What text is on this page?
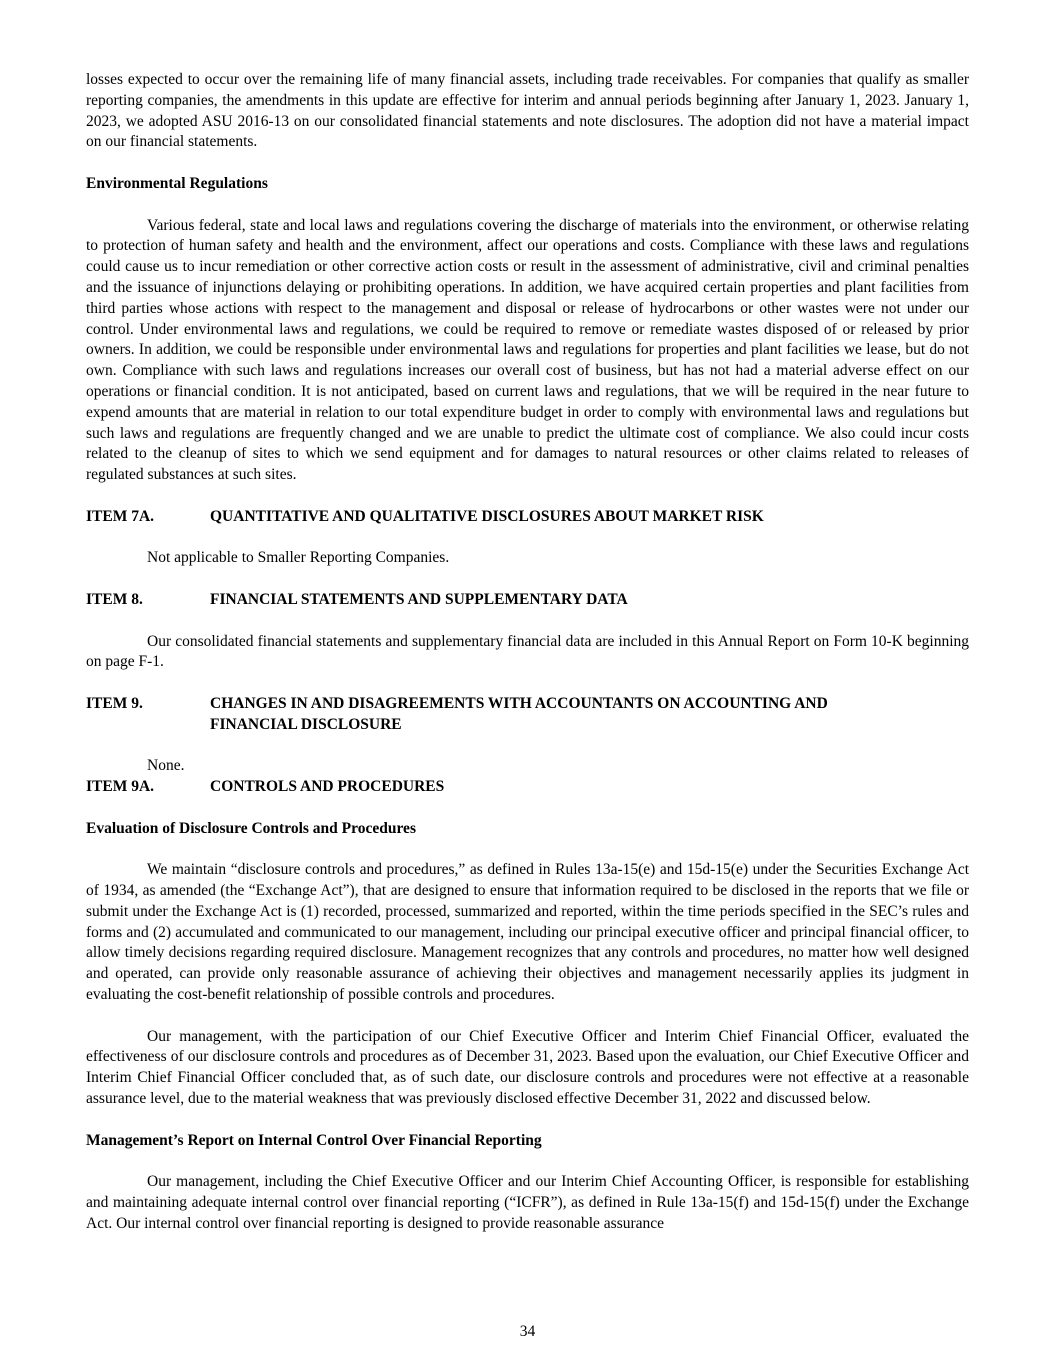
losses expected to occur over the remaining life of many financial assets, including trade receivables. For companies that qualify as smaller reporting companies, the amendments in this update are effective for interim and annual periods beginning after January 1, 2023. January 1, 2023, we adopted ASU 2016-13 on our consolidated financial statements and note disclosures. The adoption did not have a material impact on our financial statements.

Environmental Regulations

Various federal, state and local laws and regulations covering the discharge of materials into the environment, or otherwise relating to protection of human safety and health and the environment, affect our operations and costs. Compliance with these laws and regulations could cause us to incur remediation or other corrective action costs or result in the assessment of administrative, civil and criminal penalties and the issuance of injunctions delaying or prohibiting operations. In addition, we have acquired certain properties and plant facilities from third parties whose actions with respect to the management and disposal or release of hydrocarbons or other wastes were not under our control. Under environmental laws and regulations, we could be required to remove or remediate wastes disposed of or released by prior owners. In addition, we could be responsible under environmental laws and regulations for properties and plant facilities we lease, but do not own. Compliance with such laws and regulations increases our overall cost of business, but has not had a material adverse effect on our operations or financial condition. It is not anticipated, based on current laws and regulations, that we will be required in the near future to expend amounts that are material in relation to our total expenditure budget in order to comply with environmental laws and regulations but such laws and regulations are frequently changed and we are unable to predict the ultimate cost of compliance. We also could incur costs related to the cleanup of sites to which we send equipment and for damages to natural resources or other claims related to releases of regulated substances at such sites.

ITEM 7A.	QUANTITATIVE AND QUALITATIVE DISCLOSURES ABOUT MARKET RISK

Not applicable to Smaller Reporting Companies.

ITEM 8.	FINANCIAL STATEMENTS AND SUPPLEMENTARY DATA

Our consolidated financial statements and supplementary financial data are included in this Annual Report on Form 10-K beginning on page F-1.

ITEM 9.	CHANGES IN AND DISAGREEMENTS WITH ACCOUNTANTS ON ACCOUNTING AND
FINANCIAL DISCLOSURE

None.

ITEM 9A.	CONTROLS AND PROCEDURES

Evaluation of Disclosure Controls and Procedures

We maintain “disclosure controls and procedures,” as defined in Rules 13a-15(e) and 15d-15(e) under the Securities Exchange Act of 1934, as amended (the “Exchange Act”), that are designed to ensure that information required to be disclosed in the reports that we file or submit under the Exchange Act is (1) recorded, processed, summarized and reported, within the time periods specified in the SEC’s rules and forms and (2) accumulated and communicated to our management, including our principal executive officer and principal financial officer, to allow timely decisions regarding required disclosure. Management recognizes that any controls and procedures, no matter how well designed and operated, can provide only reasonable assurance of achieving their objectives and management necessarily applies its judgment in evaluating the cost-benefit relationship of possible controls and procedures.

Our management, with the participation of our Chief Executive Officer and Interim Chief Financial Officer, evaluated the effectiveness of our disclosure controls and procedures as of December 31, 2023. Based upon the evaluation, our Chief Executive Officer and Interim Chief Financial Officer concluded that, as of such date, our disclosure controls and procedures were not effective at a reasonable assurance level, due to the material weakness that was previously disclosed effective December 31, 2022 and discussed below.

Management’s Report on Internal Control Over Financial Reporting

Our management, including the Chief Executive Officer and our Interim Chief Accounting Officer, is responsible for establishing and maintaining adequate internal control over financial reporting (“ICFR”), as defined in Rule 13a-15(f) and 15d-15(f) under the Exchange Act. Our internal control over financial reporting is designed to provide reasonable assurance

34
